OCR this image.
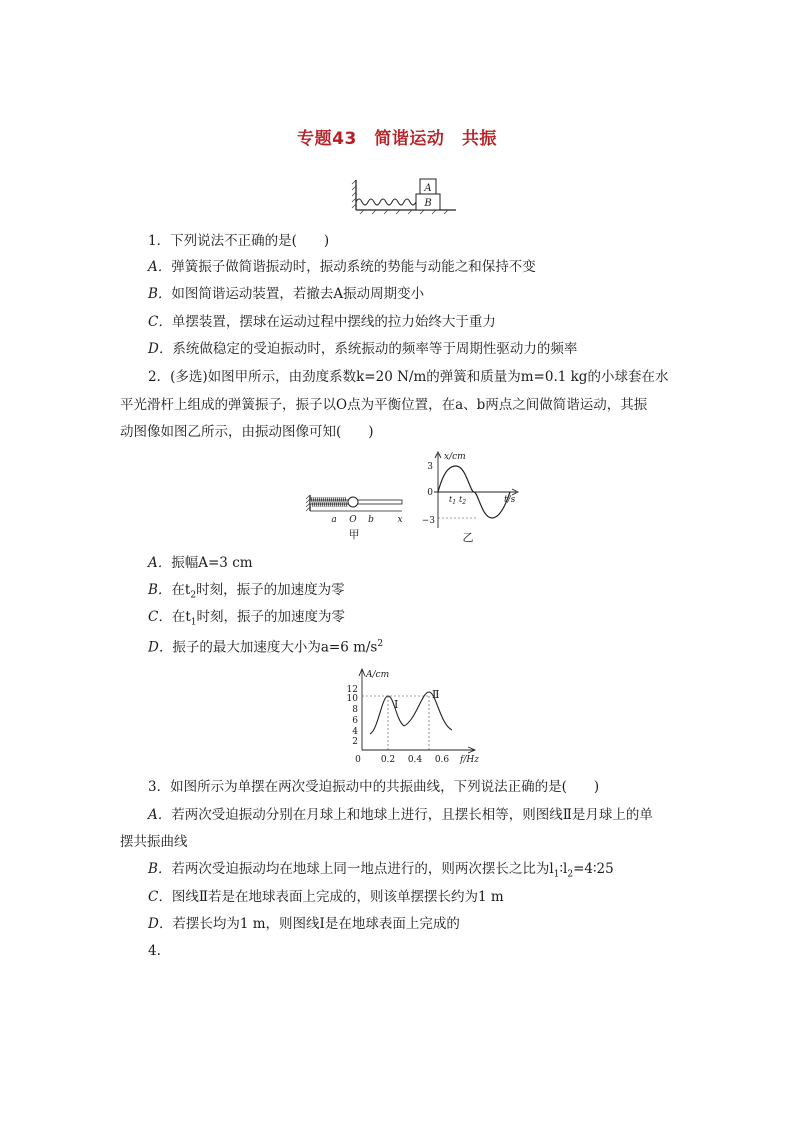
专题43　简谐运动　共振
A
B
1．下列说法不正确的是(　　)
A．弹簧振子做简谐振动时，振动系统的势能与动能之和保持不变
B．如图简谐运动装置，若撤去A振动周期变小
C．单摆装置，摆球在运动过程中摆线的拉力始终大于重力
D．系统做稳定的受迫振动时，系统振动的频率等于周期性驱动力的频率
2．(多选)如图甲所示，由劲度系数k=20 N/m的弹簧和质量为m=0.1 kg的小球套在水
平光滑杆上组成的弹簧振子，振子以O点为平衡位置，在a、b两点之间做简谐运动，其振
动图像如图乙所示，由振动图像可知(　　)
a O b	x
甲
x/cm
t/s
3
0
−3
$t_1$ $t_2$
乙
A．振幅A=3 cm
B．在$t_2$时刻，振子的加速度为零
C．在$t_1$时刻，振子的加速度为零
D．振子的最大加速度大小为a=6 $m/s^2$
A/cm
12
10
8
6
4
2
0 0.2 0.4 0.6 f/Hz
Ⅰ
Ⅱ
3．如图所示为单摆在两次受迫振动中的共振曲线，下列说法正确的是(　　)
A．若两次受迫振动分别在月球上和地球上进行，且摆长相等，则图线Ⅱ是月球上的单
摆共振曲线
B．若两次受迫振动均在地球上同一地点进行的，则两次摆长之比为$l_1∶l_2=4∶25$
C．图线Ⅱ若是在地球表面上完成的，则该单摆摆长约为1 m
D．若摆长均为1 m，则图线Ⅰ是在地球表面上完成的
4.
